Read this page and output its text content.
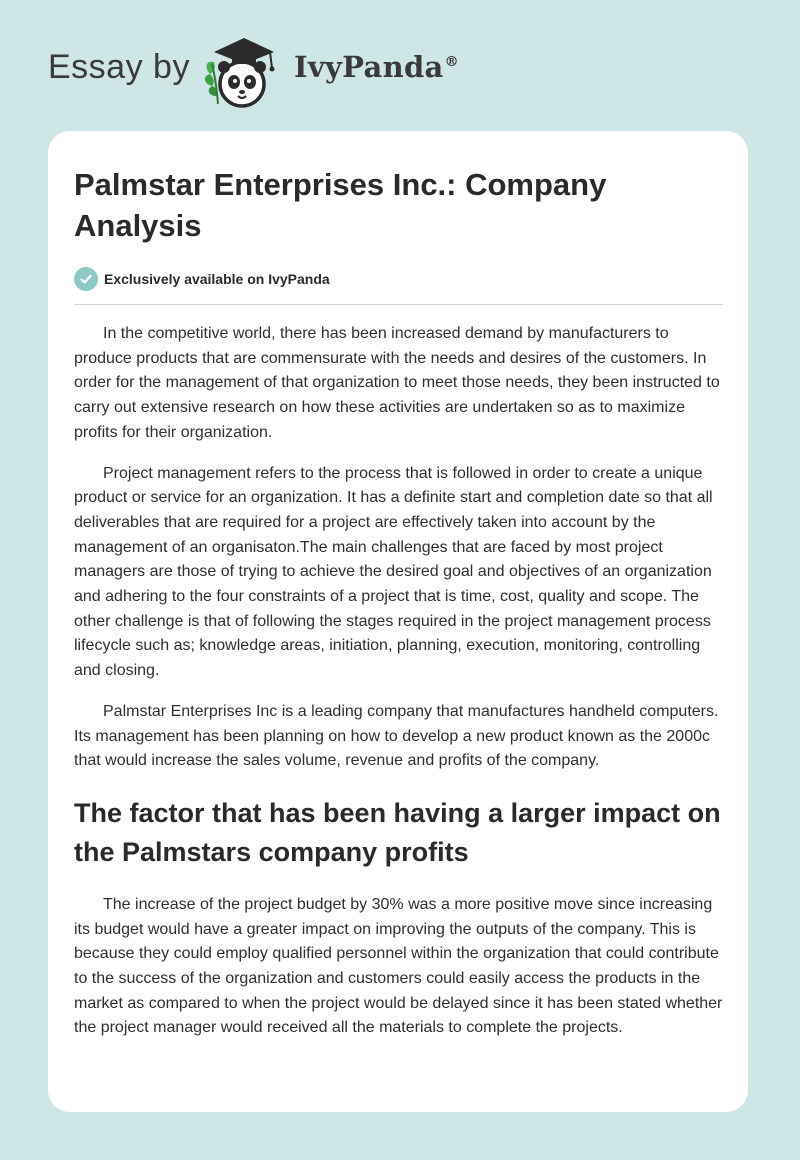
Essay by	IvyPanda®
Palmstar Enterprises Inc.: Company Analysis
Exclusively available on IvyPanda

In the competitive world, there has been increased demand by manufacturers to produce products that are commensurate with the needs and desires of the customers. In order for the management of that organization to meet those needs, they been instructed to carry out extensive research on how these activities are undertaken so as to maximize profits for their organization.

Project management refers to the process that is followed in order to create a unique product or service for an organization. It has a definite start and completion date so that all deliverables that are required for a project are effectively taken into account by the management of an organisaton.The main challenges that are faced by most project managers are those of trying to achieve the desired goal and objectives of an organization and adhering to the four constraints of a project that is time, cost, quality and scope. The other challenge is that of following the stages required in the project management process lifecycle such as; knowledge areas, initiation, planning, execution, monitoring, controlling and closing.

Palmstar Enterprises Inc is a leading company that manufactures handheld computers. Its management has been planning on how to develop a new product known as the 2000c that would increase the sales volume, revenue and profits of the company.

The factor that has been having a larger impact on the Palmstars company profits

The increase of the project budget by 30% was a more positive move since increasing its budget would have a greater impact on improving the outputs of the company. This is because they could employ qualified personnel within the organization that could contribute to the success of the organization and customers could easily access the products in the market as compared to when the project would be delayed since it has been stated whether the project manager would received all the materials to complete the projects.
